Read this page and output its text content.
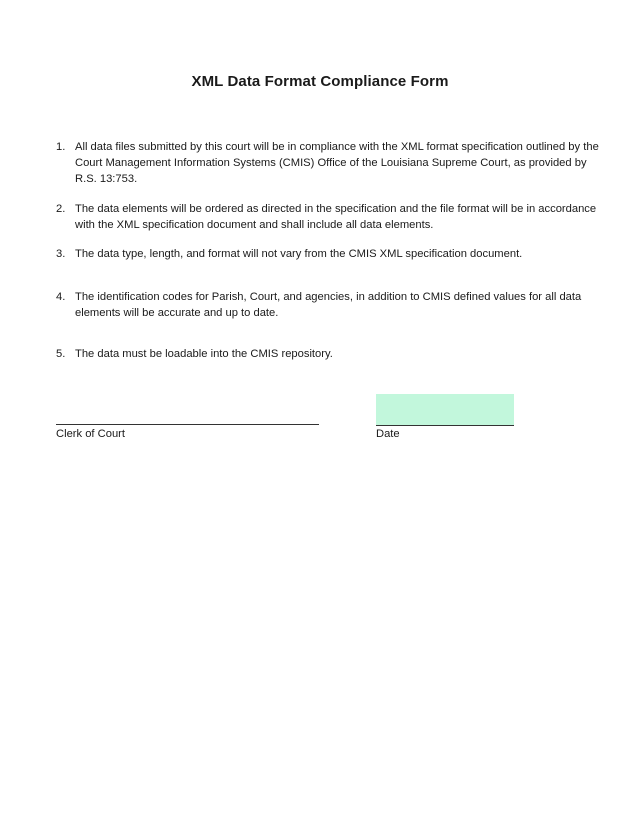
XML Data Format Compliance Form
1. All data files submitted by this court will be in compliance with the XML format specification outlined by the Court Management Information Systems (CMIS) Office of the Louisiana Supreme Court, as provided by R.S. 13:753.
2. The data elements will be ordered as directed in the specification and the file format will be in accordance with the XML specification document and shall include all data elements.
3. The data type, length, and format will not vary from the CMIS XML specification document.
4. The identification codes for Parish, Court, and agencies, in addition to CMIS defined values for all data elements will be accurate and up to date.
5. The data must be loadable into the CMIS repository.
Clerk of Court	Date
